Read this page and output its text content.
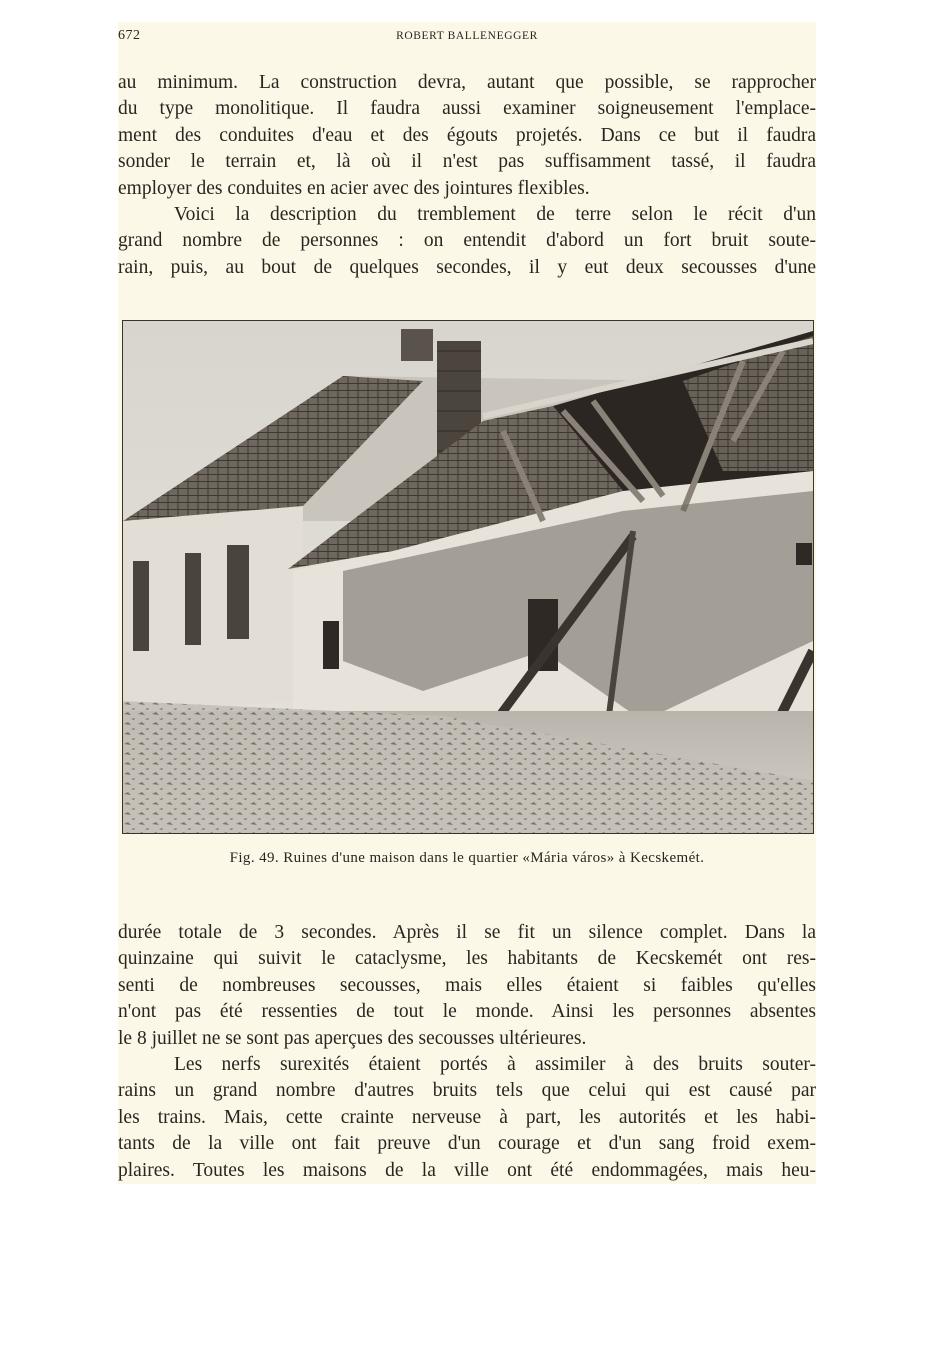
672	ROBERT BALLENEGGER
au minimum. La construction devra, autant que possible, se rapprocher
du type monolitique. Il faudra aussi examiner soigneusement l'emplace-
ment des conduites d'eau et des égouts projetés. Dans ce but il faudra
sonder le terrain et, là où il n'est pas suffisamment tassé, il faudra
employer des conduites en acier avec des jointures flexibles.
Voici la description du tremblement de terre selon le récit d'un
grand nombre de personnes : on entendit d'abord un fort bruit soute-
rain, puis, au bout de quelques secondes, il y eut deux secousses d'une
Fig. 49. Ruines d'une maison dans le quartier «Mária város» à Kecskemét.
durée totale de 3 secondes. Après il se fit un silence complet. Dans la
quinzaine qui suivit le cataclysme, les habitants de Kecskemét ont res-
senti de nombreuses secousses, mais elles étaient si faibles qu'elles
n'ont pas été ressenties de tout le monde. Ainsi les personnes absentes
le 8 juillet ne se sont pas aperçues des secousses ultérieures.
Les nerfs surexités étaient portés à assimiler à des bruits souter-
rains un grand nombre d'autres bruits tels que celui qui est causé par
les trains. Mais, cette crainte nerveuse à part, les autorités et les habi-
tants de la ville ont fait preuve d'un courage et d'un sang froid exem-
plaires. Toutes les maisons de la ville ont été endommagées, mais heu-
